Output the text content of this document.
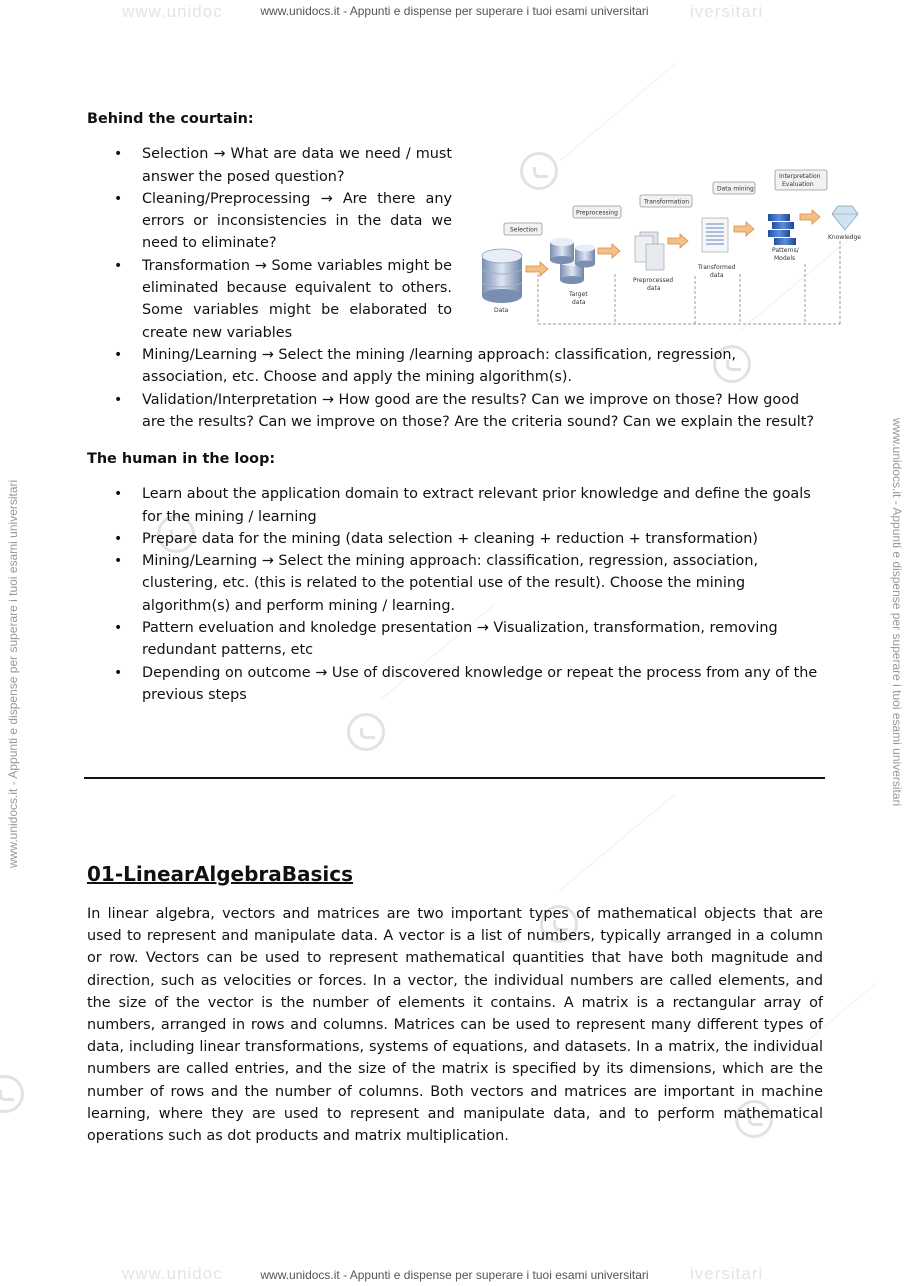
www.unidoc	iversitari
www.unidocs.it - Appunti e dispense per superare i tuoi esami universitari
www.unidoc	iversitari
www.unidocs.it - Appunti e dispense per superare i tuoi esami universitari
www.unidocs.it - Appunti e dispense per superare i tuoi esami universitari	www.unidocs.it - Appunti e dispense per superare i tuoi esami universitari

Behind the courtain:

• Selection → What are data we need / must answer the posed question?
• Cleaning/Preprocessing → Are there any errors or inconsistencies in the data we need to eliminate?
• Transformation → Some variables might be eliminated because equivalent to others. Some variables might be elaborated to create new variables
• Mining/Learning → Select the mining /learning approach: classification, regression, association, etc. Choose and apply the mining algorithm(s).
• Validation/Interpretation → How good are the results? Can we improve on those? How good are the results? Can we improve on those? Are the criteria sound? Can we explain the result?
Selection
Preprocessing
Transformation
Data mining
Interpretation
Evaluation
Data
Target
data
Preprocessed
data
Transformed
data
Patterns/
Models
Knowledge

The human in the loop:

• Learn about the application domain to extract relevant prior knowledge and define the goals for the mining / learning
• Prepare data for the mining (data selection + cleaning + reduction + transformation)
• Mining/Learning → Select the mining approach: classification, regression, association, clustering, etc. (this is related to the potential use of the result). Choose the mining algorithm(s) and perform mining / learning.
• Pattern eveluation and knoledge presentation → Visualization, transformation, removing redundant patterns, etc
• Depending on outcome → Use of discovered knowledge or repeat the process from any of the previous steps
01-LinearAlgebraBasics

In linear algebra, vectors and matrices are two important types of mathematical objects that are used to represent and manipulate data. A vector is a list of numbers, typically arranged in a column or row. Vectors can be used to represent mathematical quantities that have both magnitude and direction, such as velocities or forces. In a vector, the individual numbers are called elements, and the size of the vector is the number of elements it contains. A matrix is a rectangular array of numbers, arranged in rows and columns. Matrices can be used to represent many different types of data, including linear transformations, systems of equations, and datasets. In a matrix, the individual numbers are called entries, and the size of the matrix is specified by its dimensions, which are the number of rows and the number of columns. Both vectors and matrices are important in machine learning, where they are used to represent and manipulate data, and to perform mathematical operations such as dot products and matrix multiplication.
